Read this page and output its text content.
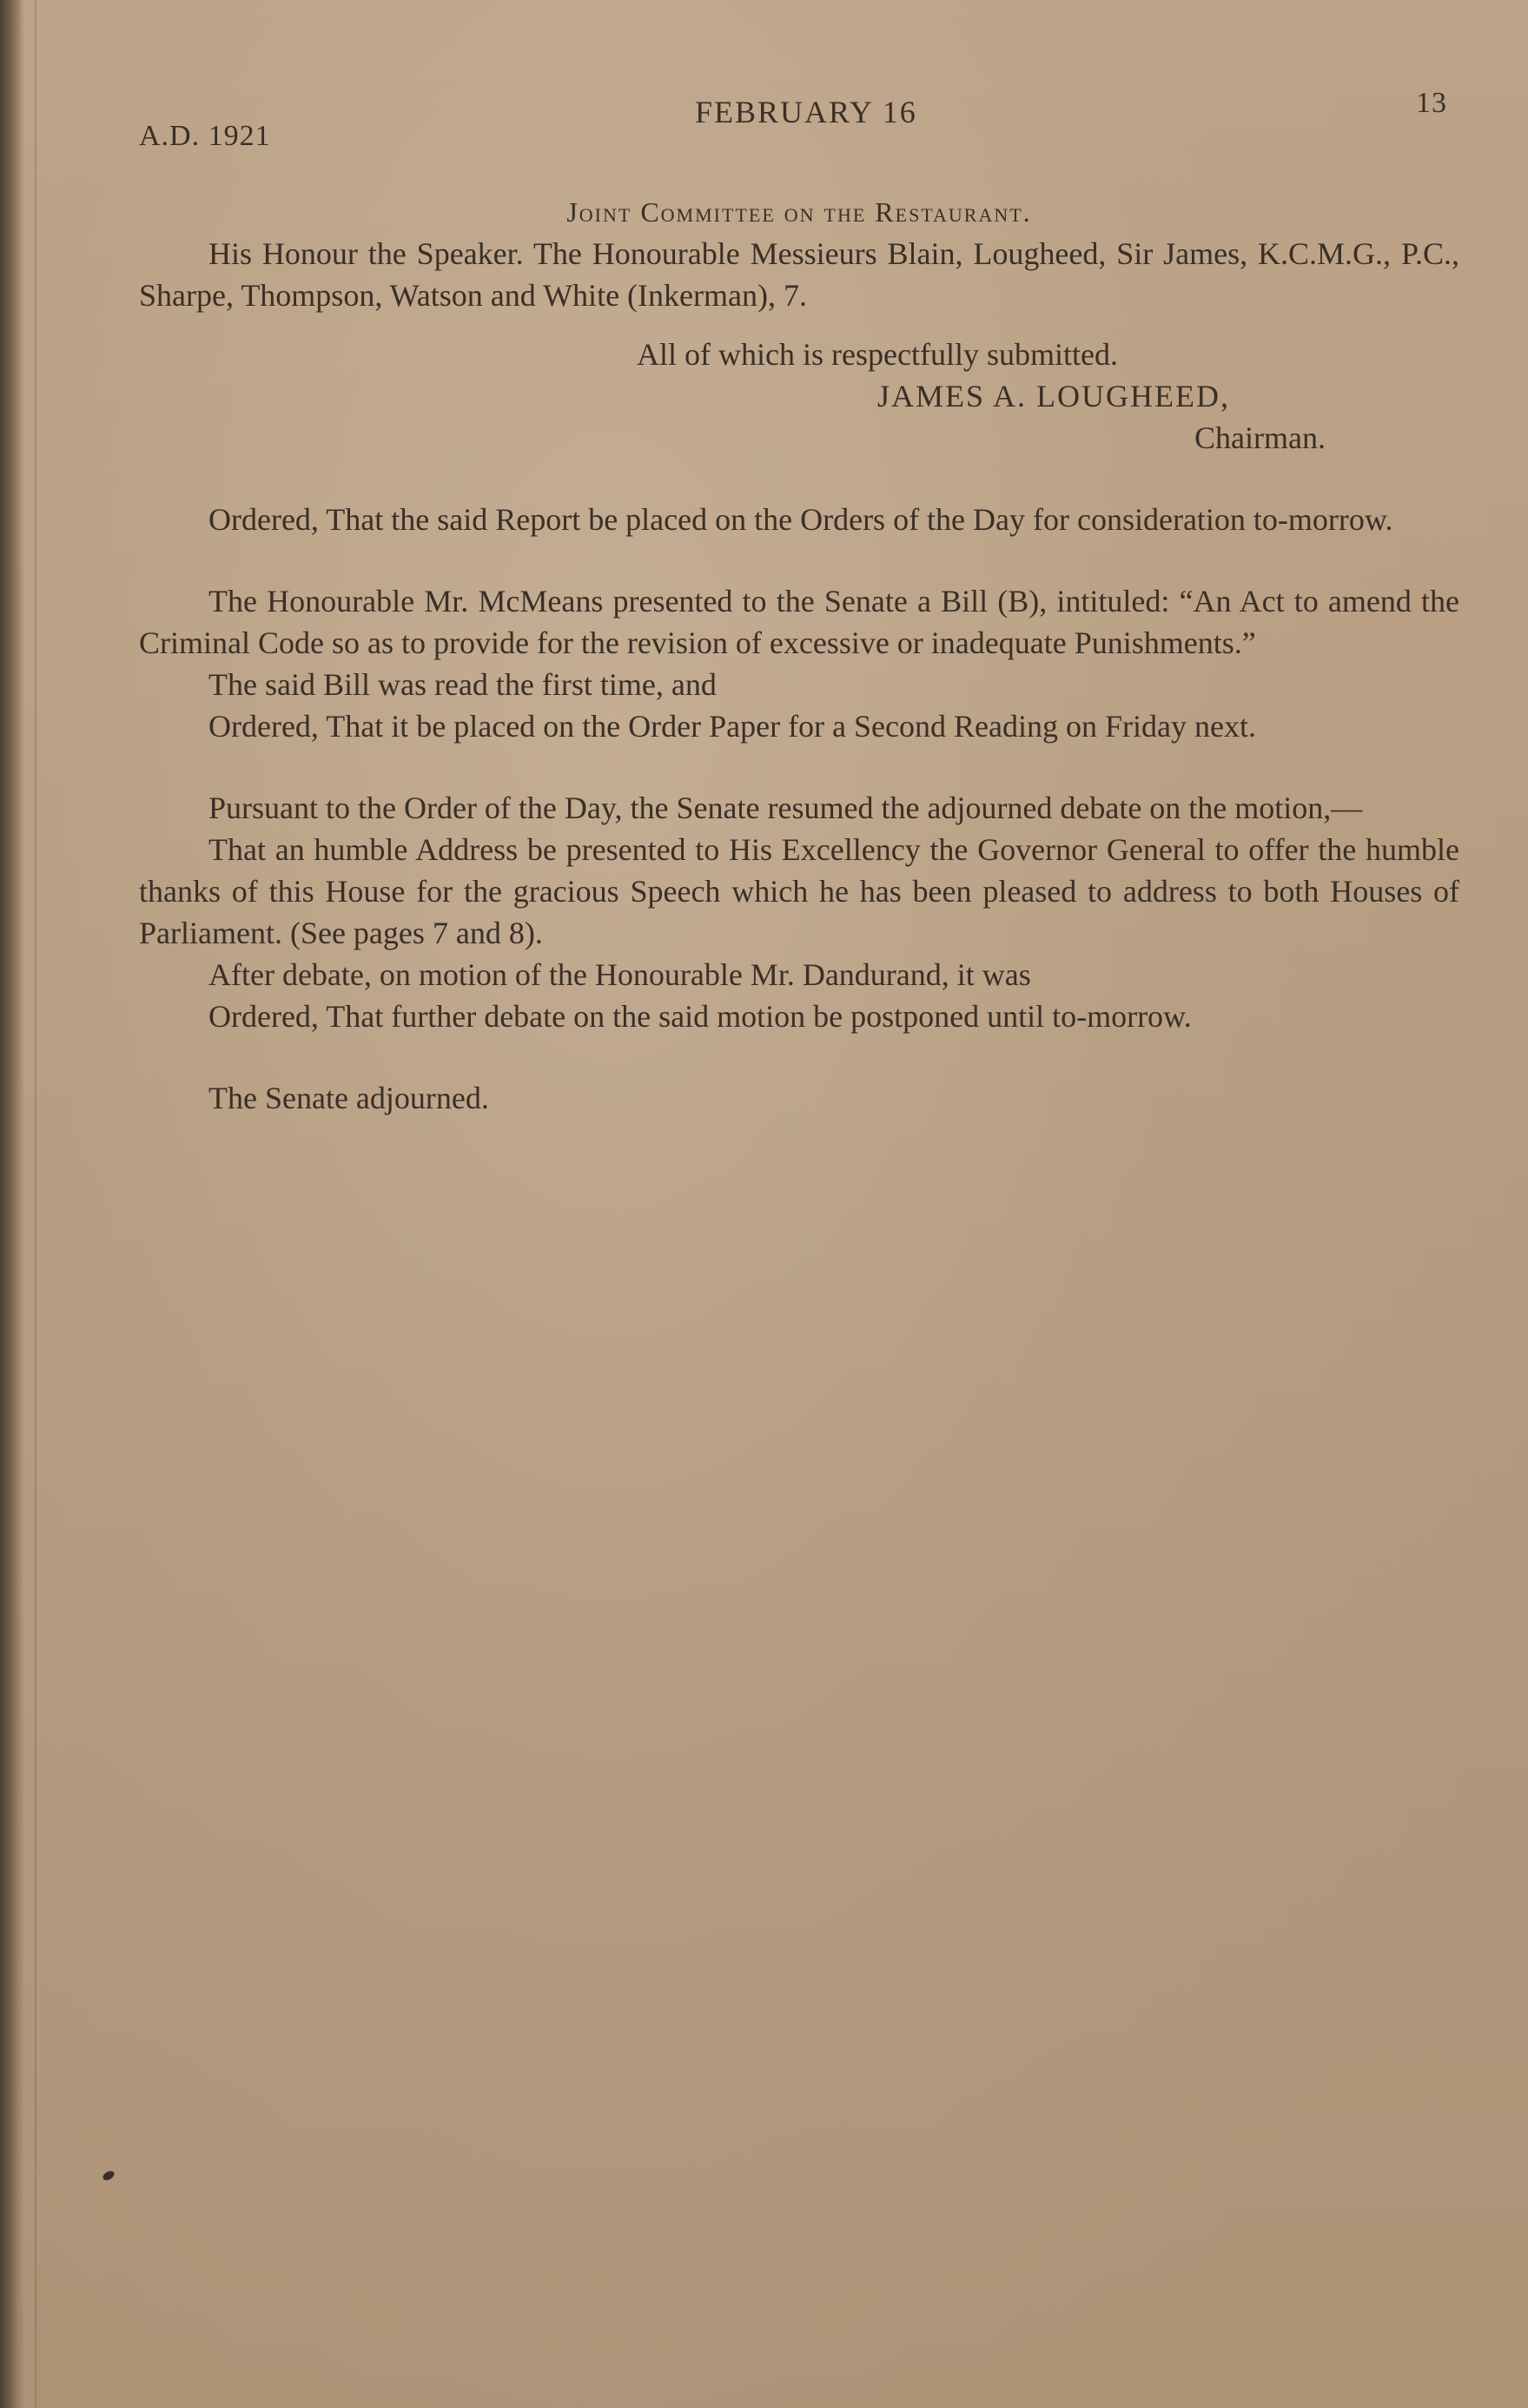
A.D. 1921
FEBRUARY 16	13

Joint Committee on the Restaurant.

His Honour the Speaker. The Honourable Messieurs Blain, Lougheed, Sir James, K.C.M.G., P.C., Sharpe, Thompson, Watson and White (Inkerman), 7.

All of which is respectfully submitted.

JAMES A. LOUGHEED,

Chairman.

Ordered, That the said Report be placed on the Orders of the Day for consideration to-morrow.

The Honourable Mr. McMeans presented to the Senate a Bill (B), intituled: “An Act to amend the Criminal Code so as to provide for the revision of excessive or inadequate Punishments.”

The said Bill was read the first time, and

Ordered, That it be placed on the Order Paper for a Second Reading on Friday next.

Pursuant to the Order of the Day, the Senate resumed the adjourned debate on the motion,—

That an humble Address be presented to His Excellency the Governor General to offer the humble thanks of this House for the gracious Speech which he has been pleased to address to both Houses of Parliament. (See pages 7 and 8).

After debate, on motion of the Honourable Mr. Dandurand, it was

Ordered, That further debate on the said motion be postponed until to-morrow.

The Senate adjourned.
